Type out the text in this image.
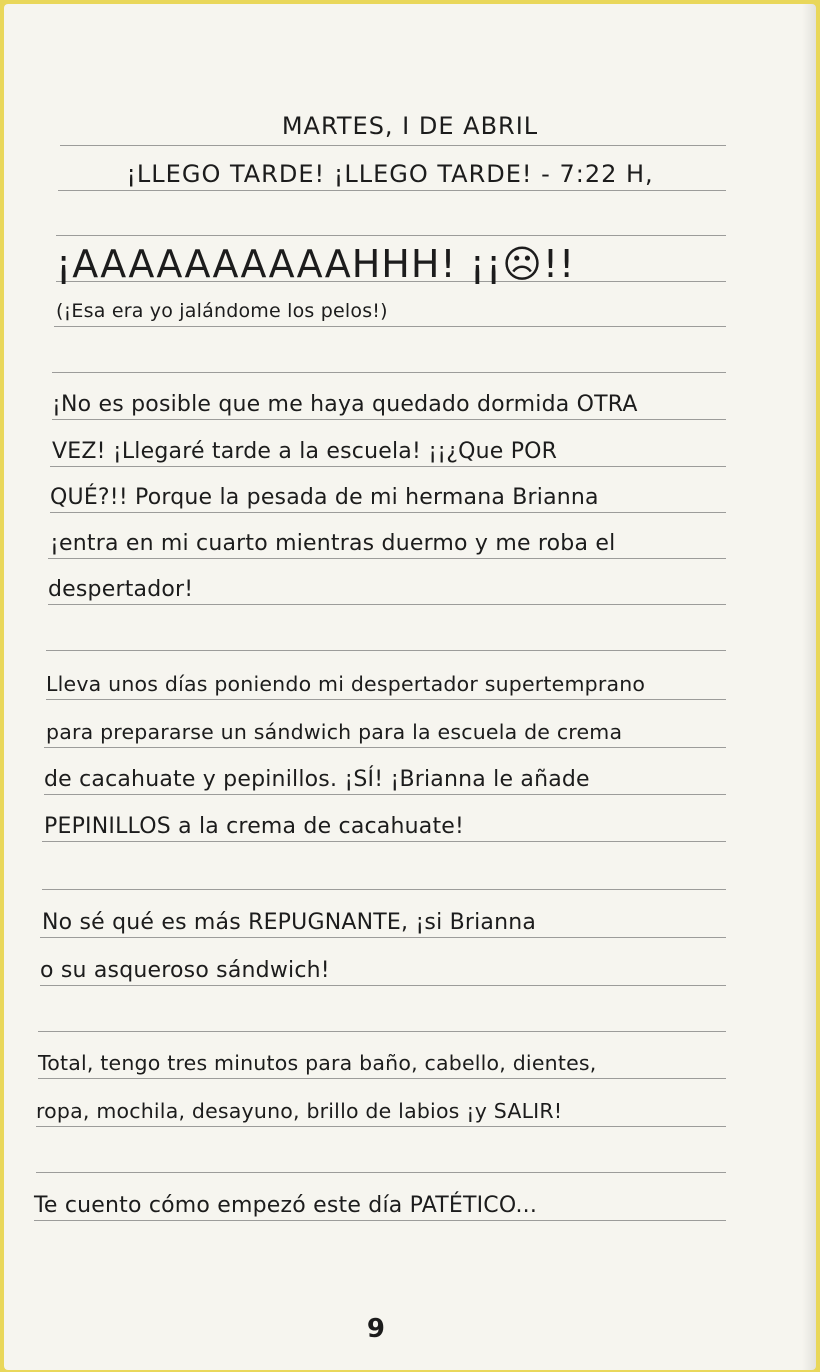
MARTES, I DE ABRIL
¡LLEGO TARDE! ¡LLEGO TARDE! - 7:22 H,
¡AAAAAAAAAAHHH! ¡¡☹!!
(¡Esa era yo jalándome los pelos!)
¡No es posible que me haya quedado dormida OTRA
VEZ! ¡Llegaré tarde a la escuela! ¡¡¿Que POR
QUÉ?!! Porque la pesada de mi hermana Brianna
¡entra en mi cuarto mientras duermo y me roba el
despertador!
Lleva unos días poniendo mi despertador supertemprano
para prepararse un sándwich para la escuela de crema
de cacahuate y pepinillos. ¡SÍ! ¡Brianna le añade
PEPINILLOS a la crema de cacahuate!
No sé qué es más REPUGNANTE, ¡si Brianna
o su asqueroso sándwich!
Total, tengo tres minutos para baño, cabello, dientes,
ropa, mochila, desayuno, brillo de labios ¡y SALIR!
Te cuento cómo empezó este día PATÉTICO...
9
